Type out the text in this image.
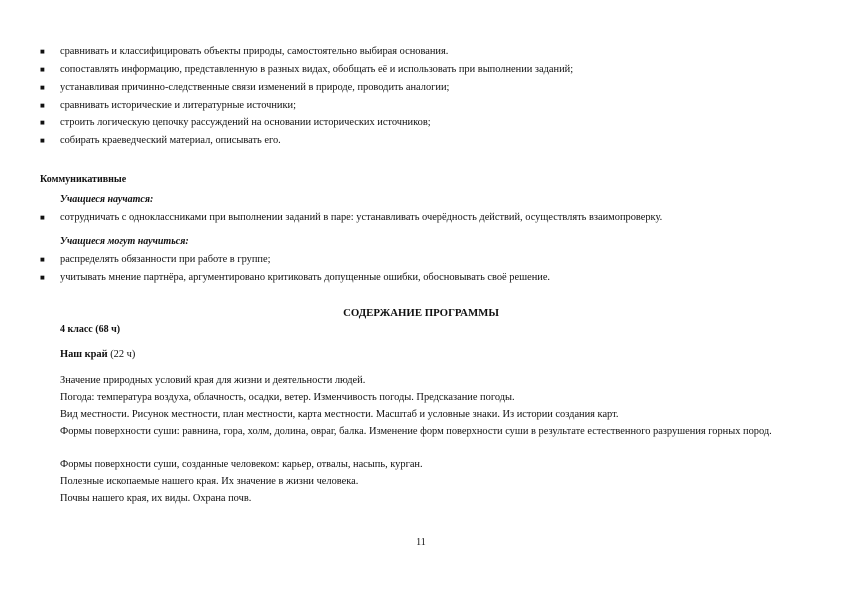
■	сравнивать и классифицировать объекты природы, самостоятельно выбирая основания.
■	сопоставлять информацию, представленную в разных видах, обобщать её и использовать при выполнении заданий;
■	устанавливая причинно-следственные связи изменений в природе, проводить аналогии;
■	сравнивать исторические и литературные источники;
■	строить логическую цепочку рассуждений на основании исторических источников;
■	собирать краеведческий материал, описывать его.
Коммуникативные
Учащиеся научатся:
■	сотрудничать с одноклассниками при выполнении заданий в паре: устанавливать очерёдность действий, осуществлять взаимопроверку.
Учащиеся могут научиться:
■	распределять обязанности при работе в группе;
■	учитывать мнение партнёра, аргументировано критиковать допущенные ошибки, обосновывать своё решение.
СОДЕРЖАНИЕ ПРОГРАММЫ
4 класс (68 ч)
Наш край (22 ч)
Значение природных условий края для жизни и деятельности людей.
Погода: температура воздуха, облачность, осадки, ветер. Изменчивость погоды. Предсказание погоды.
Вид местности. Рисунок местности, план местности, карта местности. Масштаб и условные знаки. Из истории создания карт.
Формы поверхности суши: равнина, гора, холм, долина, овраг, балка. Изменение форм поверхности суши в результате естественного разрушения горных пород.
Формы поверхности суши, созданные человеком: карьер, отвалы, насыпь, курган.
Полезные ископаемые нашего края. Их значение в жизни человека.
Почвы нашего края, их виды. Охрана почв.
11
